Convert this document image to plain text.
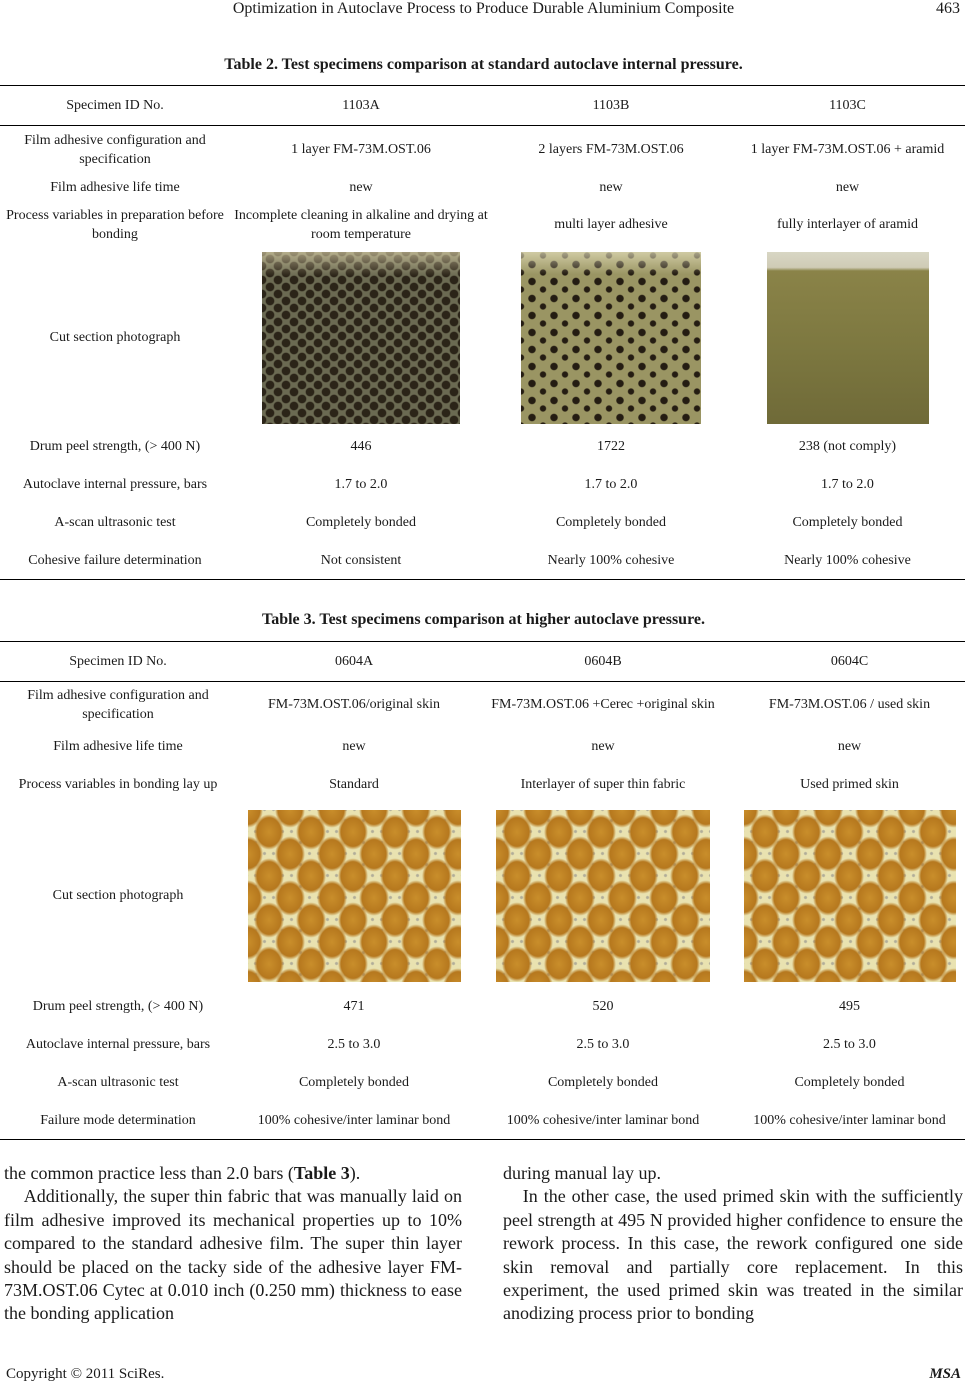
Optimization in Autoclave Process to Produce Durable Aluminium Composite	463
Table 2. Test specimens comparison at standard autoclave internal pressure.
Specimen ID No.	1103A	1103B	1103C
Film adhesive configuration and specification	1 layer FM-73M.OST.06	2 layers FM-73M.OST.06	1 layer FM-73M.OST.06 + aramid
Film adhesive life time	new	new	new
Process variables in preparation before bonding	Incomplete cleaning in alkaline and drying at room temperature	multi layer adhesive	fully interlayer of aramid
Cut section photograph	

Drum peel strength, (> 400 N)	446	1722	238 (not comply)
Autoclave internal pressure, bars	1.7 to 2.0	1.7 to 2.0	1.7 to 2.0
A-scan ultrasonic test	Completely bonded	Completely bonded	Completely bonded
Cohesive failure determination	Not consistent	Nearly 100% cohesive	Nearly 100% cohesive
Table 3. Test specimens comparison at higher autoclave pressure.
Specimen ID No.	0604A	0604B	0604C
Film adhesive configuration and specification	FM-73M.OST.06/original skin	FM-73M.OST.06 +Cerec +original skin	FM-73M.OST.06 / used skin
Film adhesive life time	new	new	new
Process variables in bonding lay up	Standard	Interlayer of super thin fabric	Used primed skin
Cut section photograph	

Drum peel strength, (> 400 N)	471	520	495
Autoclave internal pressure, bars	2.5 to 3.0	2.5 to 3.0	2.5 to 3.0
A-scan ultrasonic test	Completely bonded	Completely bonded	Completely bonded
Failure mode determination	100% cohesive/inter laminar bond	100% cohesive/inter laminar bond	100% cohesive/inter laminar bond

the common practice less than 2.0 bars (Table 3).

Additionally, the super thin fabric that was manually laid on film adhesive improved its mechanical properties up to 10% compared to the standard adhesive film. The super thin layer should be placed on the tacky side of the adhesive layer FM-73M.OST.06 Cytec at 0.010 inch (0.250 mm) thickness to ease the bonding application

during manual lay up.

In the other case, the used primed skin with the sufficiently peel strength at 495 N provided higher confidence to ensure the rework process. In this case, the rework configured one side skin removal and partially core replacement. In this experiment, the used primed skin was treated in the similar anodizing process prior to bonding

Copyright © 2011 SciRes.	MSA
